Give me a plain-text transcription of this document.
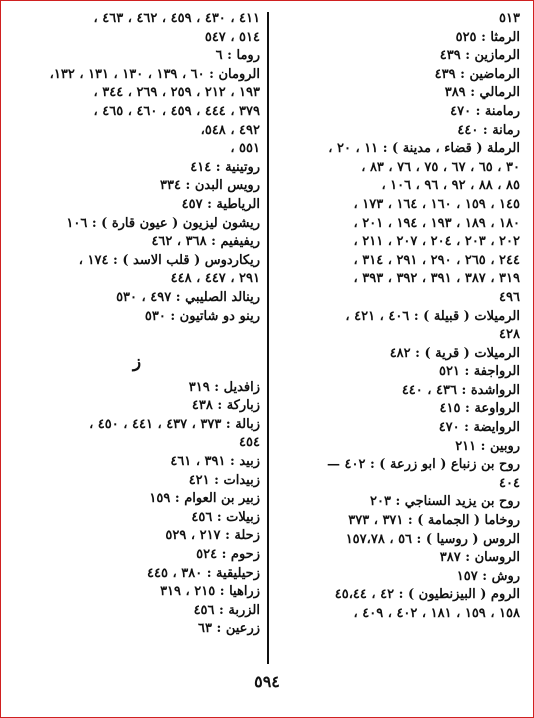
٥١٣
الرمثا : ٥٢٥
الرمازين : ٤٣٩
الرماضين : ٤٣٩
الرمالي : ٣٨٩
رمامنة : ٤٧٠
رمانة : ٤٤٠
الرملة ( قضاء ، مدينة ) : ١١ ، ٢٠ ،
٣٠ ، ٦٥ ، ٦٧ ، ٧٥ ، ٧٦ ، ٨٣ ،
٨٥ ، ٨٨ ، ٩٢ ، ٩٦ ، ١٠٦ ،
١٤٥ ، ١٥٩ ، ١٦٠ ، ١٦٤ ، ١٧٣ ،
١٨٠ ، ١٨٩ ، ١٩٣ ، ١٩٤ ، ٢٠١ ،
٢٠٢ ، ٢٠٣ ، ٢٠٤ ، ٢٠٧ ، ٢١١ ،
٢٤٤ ، ٢٦٥ ، ٢٩٠ ، ٢٩١ ، ٣١٤ ،
٣١٩ ، ٣٨٧ ، ٣٩١ ، ٣٩٢ ، ٣٩٣ ،
٤٩٦
الرميلات ( قبيلة ) : ٤٠٦ ، ٤٢١ ،
٤٢٨
الرميلات ( قرية ) : ٤٨٢
الرواجفة : ٥٢١
الرواشدة : ٤٣٦ ، ٤٤٠
الرواوعة : ٤١٥
الروايضة : ٤٧٠
روبين : ٢١١
روح بن زنباع ( ابو زرعة ) : ٤٠٢ —
٤٠٤
روح بن يزيد السناجي : ٢٠٣
روخاما ( الجمامة ) : ٣٧١ ، ٣٧٣
الروس ( روسيا ) : ٥٦ ، ١٥٧،٧٨
الروسان : ٣٨٧
روش : ١٥٧
الروم ( البيزنطيون ) : ٤٢ ، ٤٥،٤٤
١٥٨ ، ١٥٩ ، ١٨١ ، ٤٠٢ ، ٤٠٩ ،
٤١١ ، ٤٣٠ ، ٤٥٩ ، ٤٦٢ ، ٤٦٣ ،
٥١٤ ، ٥٤٧
روما : ٦
الرومان : ٦٠ ، ١٣٩ ، ١٣٠ ، ١٣١ ، ١٣٢،
١٩٣ ، ٢١٢ ، ٢٥٩ ، ٢٦٩ ، ٣٤٤ ،
٣٧٩ ، ٤٤٤ ، ٤٥٩ ، ٤٦٠ ، ٤٦٥ ،
٤٩٢ ، ٥٤٨،
٥٥١ ،
روتينية : ٤١٤
رويس البدن : ٣٣٤
الرياطية : ٤٥٧
ريشون ليزيون ( عيون قارة ) : ١٠٦
ريفيفيم : ٣٦٨ ، ٤٦٢
ريكاردوس ( قلب الاسد ) : ١٧٤ ،
٢٩١ ، ٤٤٧ ، ٤٤٨
رينالد الصليبي : ٤٩٧ ، ٥٣٠
رينو دو شاتيون : ٥٣٠
ز
زافديل : ٣١٩
زباركة : ٤٣٨
زبالة : ٣٧٣ ، ٤٣٧ ، ٤٤١ ، ٤٥٠ ،
٤٥٤
زبيد : ٣٩١ ، ٤٦١
زبيدات : ٤٢١
زبير بن العوام : ١٥٩
زبيلات : ٤٥٦
زحلة : ٢١٧ ، ٥٢٩
زحوم : ٥٢٤
زحيليقية : ٣٨٠ ، ٤٤٥
زراهيا : ٢١٥ ، ٣١٩
الزربة : ٤٥٦
زرعين : ٦٣
٥٩٤
